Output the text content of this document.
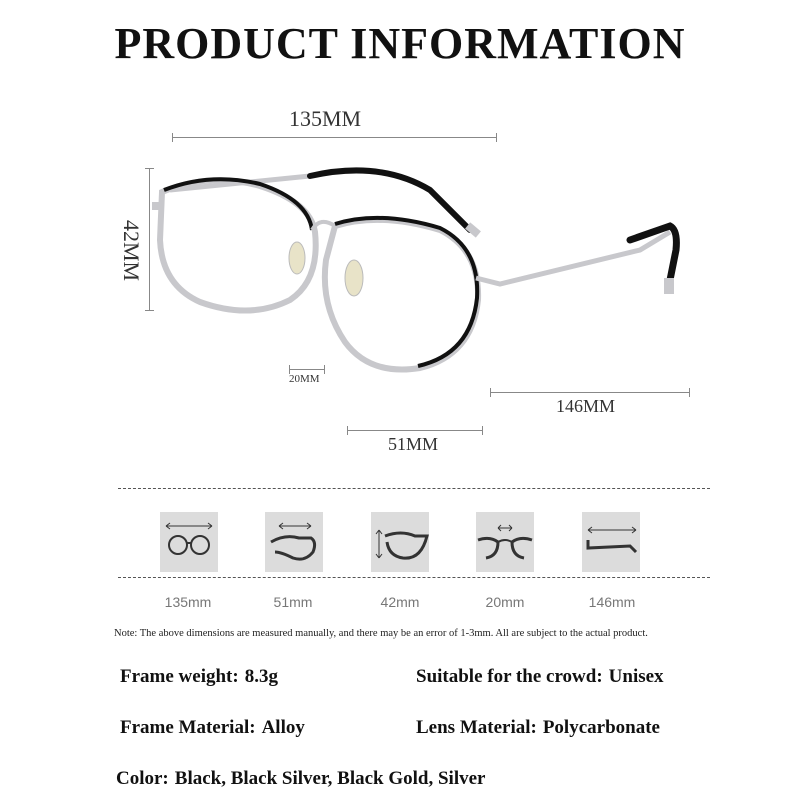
PRODUCT INFORMATION
135MM
42MM
20MM
146MM
51MM
135mm	51mm	42mm	20mm	146mm
Note: The above dimensions are measured manually, and there may be an error of 1-3mm. All are subject to the actual product.
Frame weight: 8.3g	Suitable for the crowd: Unisex
Frame Material: Alloy	Lens Material: Polycarbonate
Color: Black, Black Silver, Black Gold, Silver
